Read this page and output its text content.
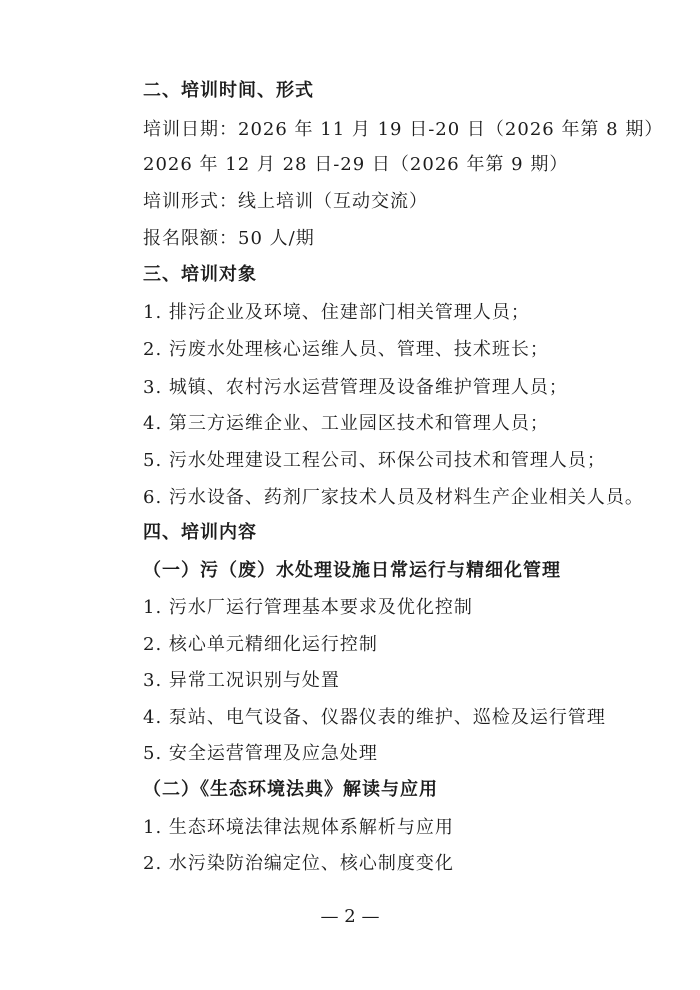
二、培训时间、形式
培训日期：2026 年 11 月 19 日-20 日（2026 年第 8 期）
2026 年 12 月 28 日-29 日（2026 年第 9 期）
培训形式：线上培训（互动交流）
报名限额：50 人/期
三、培训对象
1. 排污企业及环境、住建部门相关管理人员；
2. 污废水处理核心运维人员、管理、技术班长；
3. 城镇、农村污水运营管理及设备维护管理人员；
4. 第三方运维企业、工业园区技术和管理人员；
5. 污水处理建设工程公司、环保公司技术和管理人员；
6. 污水设备、药剂厂家技术人员及材料生产企业相关人员。
四、培训内容
（一）污（废）水处理设施日常运行与精细化管理
1. 污水厂运行管理基本要求及优化控制
2. 核心单元精细化运行控制
3. 异常工况识别与处置
4. 泵站、电气设备、仪器仪表的维护、巡检及运行管理
5. 安全运营管理及应急处理
（二）《生态环境法典》解读与应用
1. 生态环境法律法规体系解析与应用
2. 水污染防治编定位、核心制度变化
— 2 —
